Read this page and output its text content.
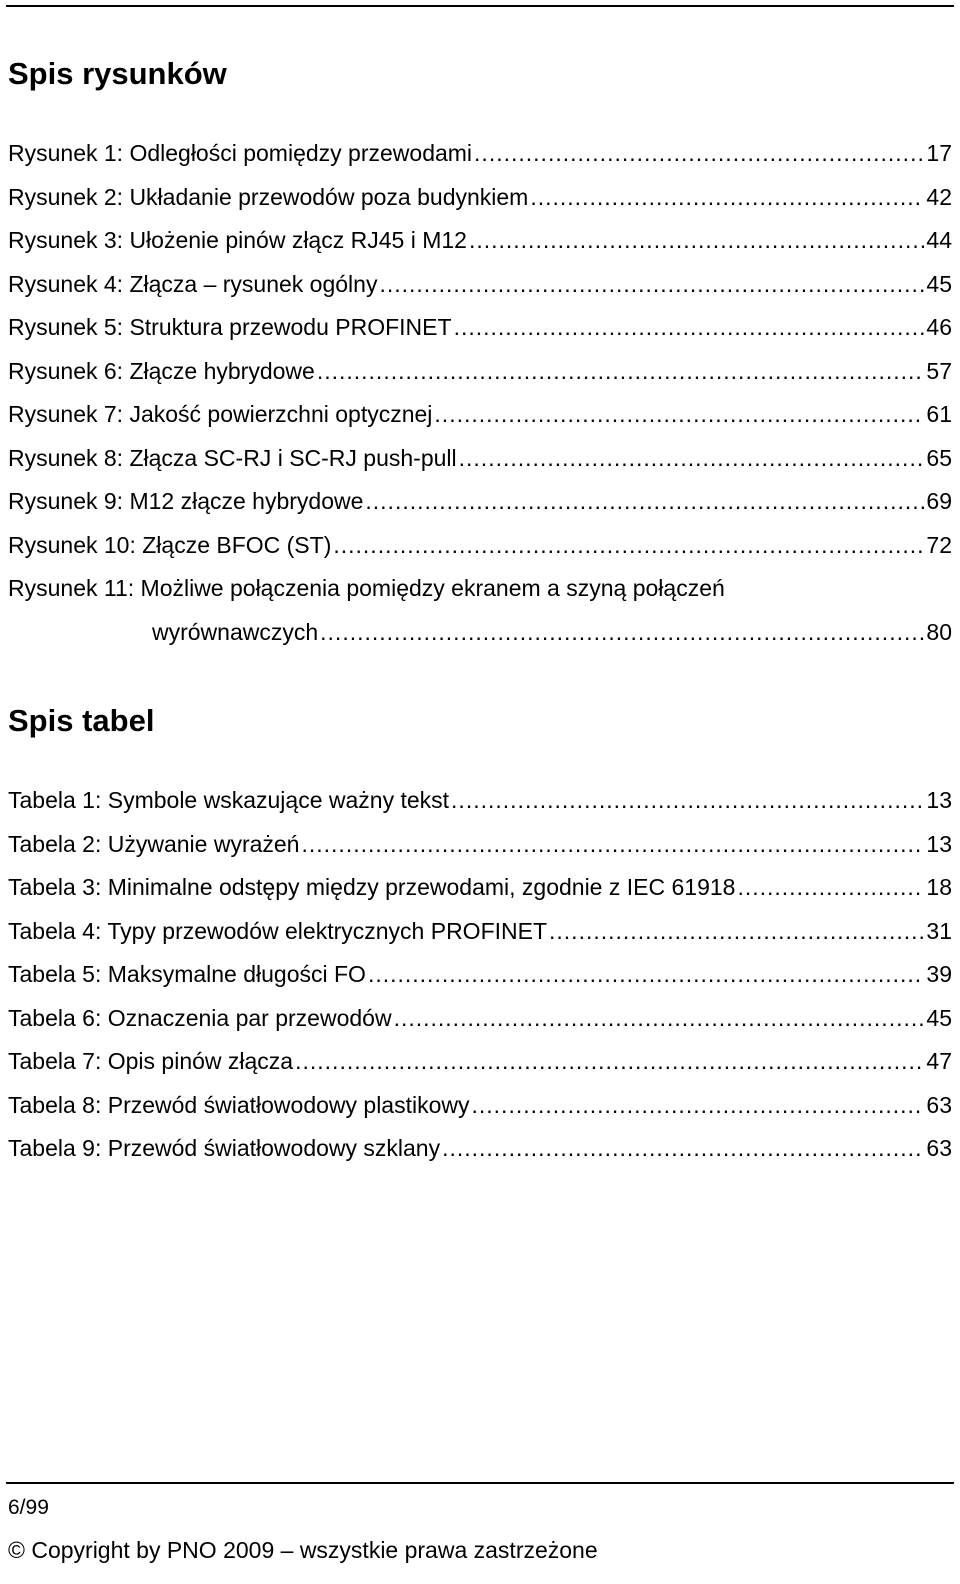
Spis rysunków
Rysunek 1: Odległości pomiędzy przewodami .....	17
Rysunek 2: Układanie przewodów poza budynkiem .....	42
Rysunek 3: Ułożenie pinów złącz RJ45 i M12 .....	44
Rysunek 4: Złącza – rysunek ogólny .....	45
Rysunek 5: Struktura przewodu PROFINET .....	46
Rysunek 6: Złącze hybrydowe .....	57
Rysunek 7: Jakość powierzchni optycznej .....	61
Rysunek 8: Złącza SC-RJ i SC-RJ push-pull .....	65
Rysunek 9: M12 złącze hybrydowe .....	69
Rysunek 10: Złącze BFOC (ST) .....	72
Rysunek 11: Możliwe połączenia pomiędzy ekranem a szyną połączeń
wyrównawczych .....	80
Spis tabel
Tabela 1: Symbole wskazujące ważny tekst .....	13
Tabela 2: Używanie wyrażeń .....	13
Tabela 3: Minimalne odstępy między przewodami, zgodnie z IEC 61918 .....	18
Tabela 4: Typy przewodów elektrycznych PROFINET .....	31
Tabela 5: Maksymalne długości FO .....	39
Tabela 6: Oznaczenia par przewodów .....	45
Tabela 7: Opis pinów złącza .....	47
Tabela 8: Przewód światłowodowy plastikowy .....	63
Tabela 9: Przewód światłowodowy szklany .....	63
6/99
© Copyright by PNO 2009 – wszystkie prawa zastrzeżone
